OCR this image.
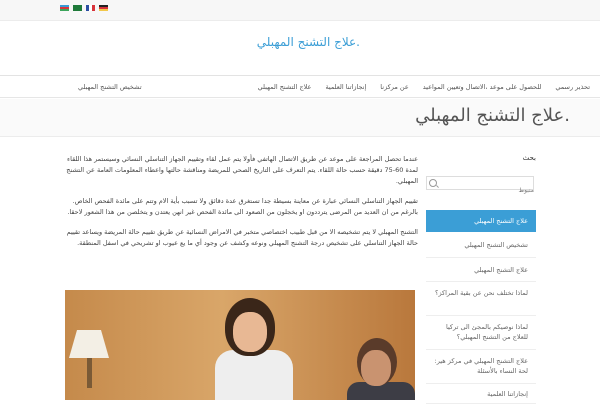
علاج التشنج المهبلي.
تشخيص التشنج المهبلي	علاج التشنج المهبلي إنجازاتنا العلمية عن مركزنا للحصول على موعد ،الاتصال وتعيين المواعيد تحذير رسمي
علاج التشنج المهبلي.

عندما تحصل المراجعة على موعد عن طريق الاتصال الهاتفي فأولا يتم عمل لقاء وتقييم الجهاز التناسلي النسائي وسيستمر هذا اللقاء لمدة 60-75 دقيقة حسب حالة اللقاء. يتم التعرف على التاريخ الصحي للمريضة ومناقشة حالتها واعطاء المعلومات العامة عن التشنج المهبلي.

تقييم الجهاز التناسلي النسائي عبارة عن معاينة بسيطة جدا تستغرق عدة دقائق ولا تسبب بأية الام وتتم على مائدة الفحص الخاص. بالرغم من ان العديد من المرضى يترددون او يخجلون من الصعود الى مائدة الفحص غير انهن يعتدن و يتخلصن من هذا الشعور لاحقا.

التشنج المهبلي لا يتم تشخيصه الا من قبل طبيب اختصاصي متخبر في الامراض النسائية عن طريق تقييم حالة المريضة ويساعد تقييم حالة الجهاز التناسلي على تشخيص درجة التشنج المهبلي ونوعه وكشف عن وجود أي ما يع عيوب او تشريحي في اسفل المنطقة.

بحث
منبوط
علاج التشنج المهبلي
تشخيص التشنج المهبلي
علاج التشنج المهبلي
لماذا تختلف نحن عن بقية المراكز؟
لماذا نوصيكم بالمجئ الى تركيا للعلاج من التشنج المهبلي؟
علاج التشنج المهبلي في مركز هير: لحة النساء بالأسئلة
إنجازاتنا العلمية
